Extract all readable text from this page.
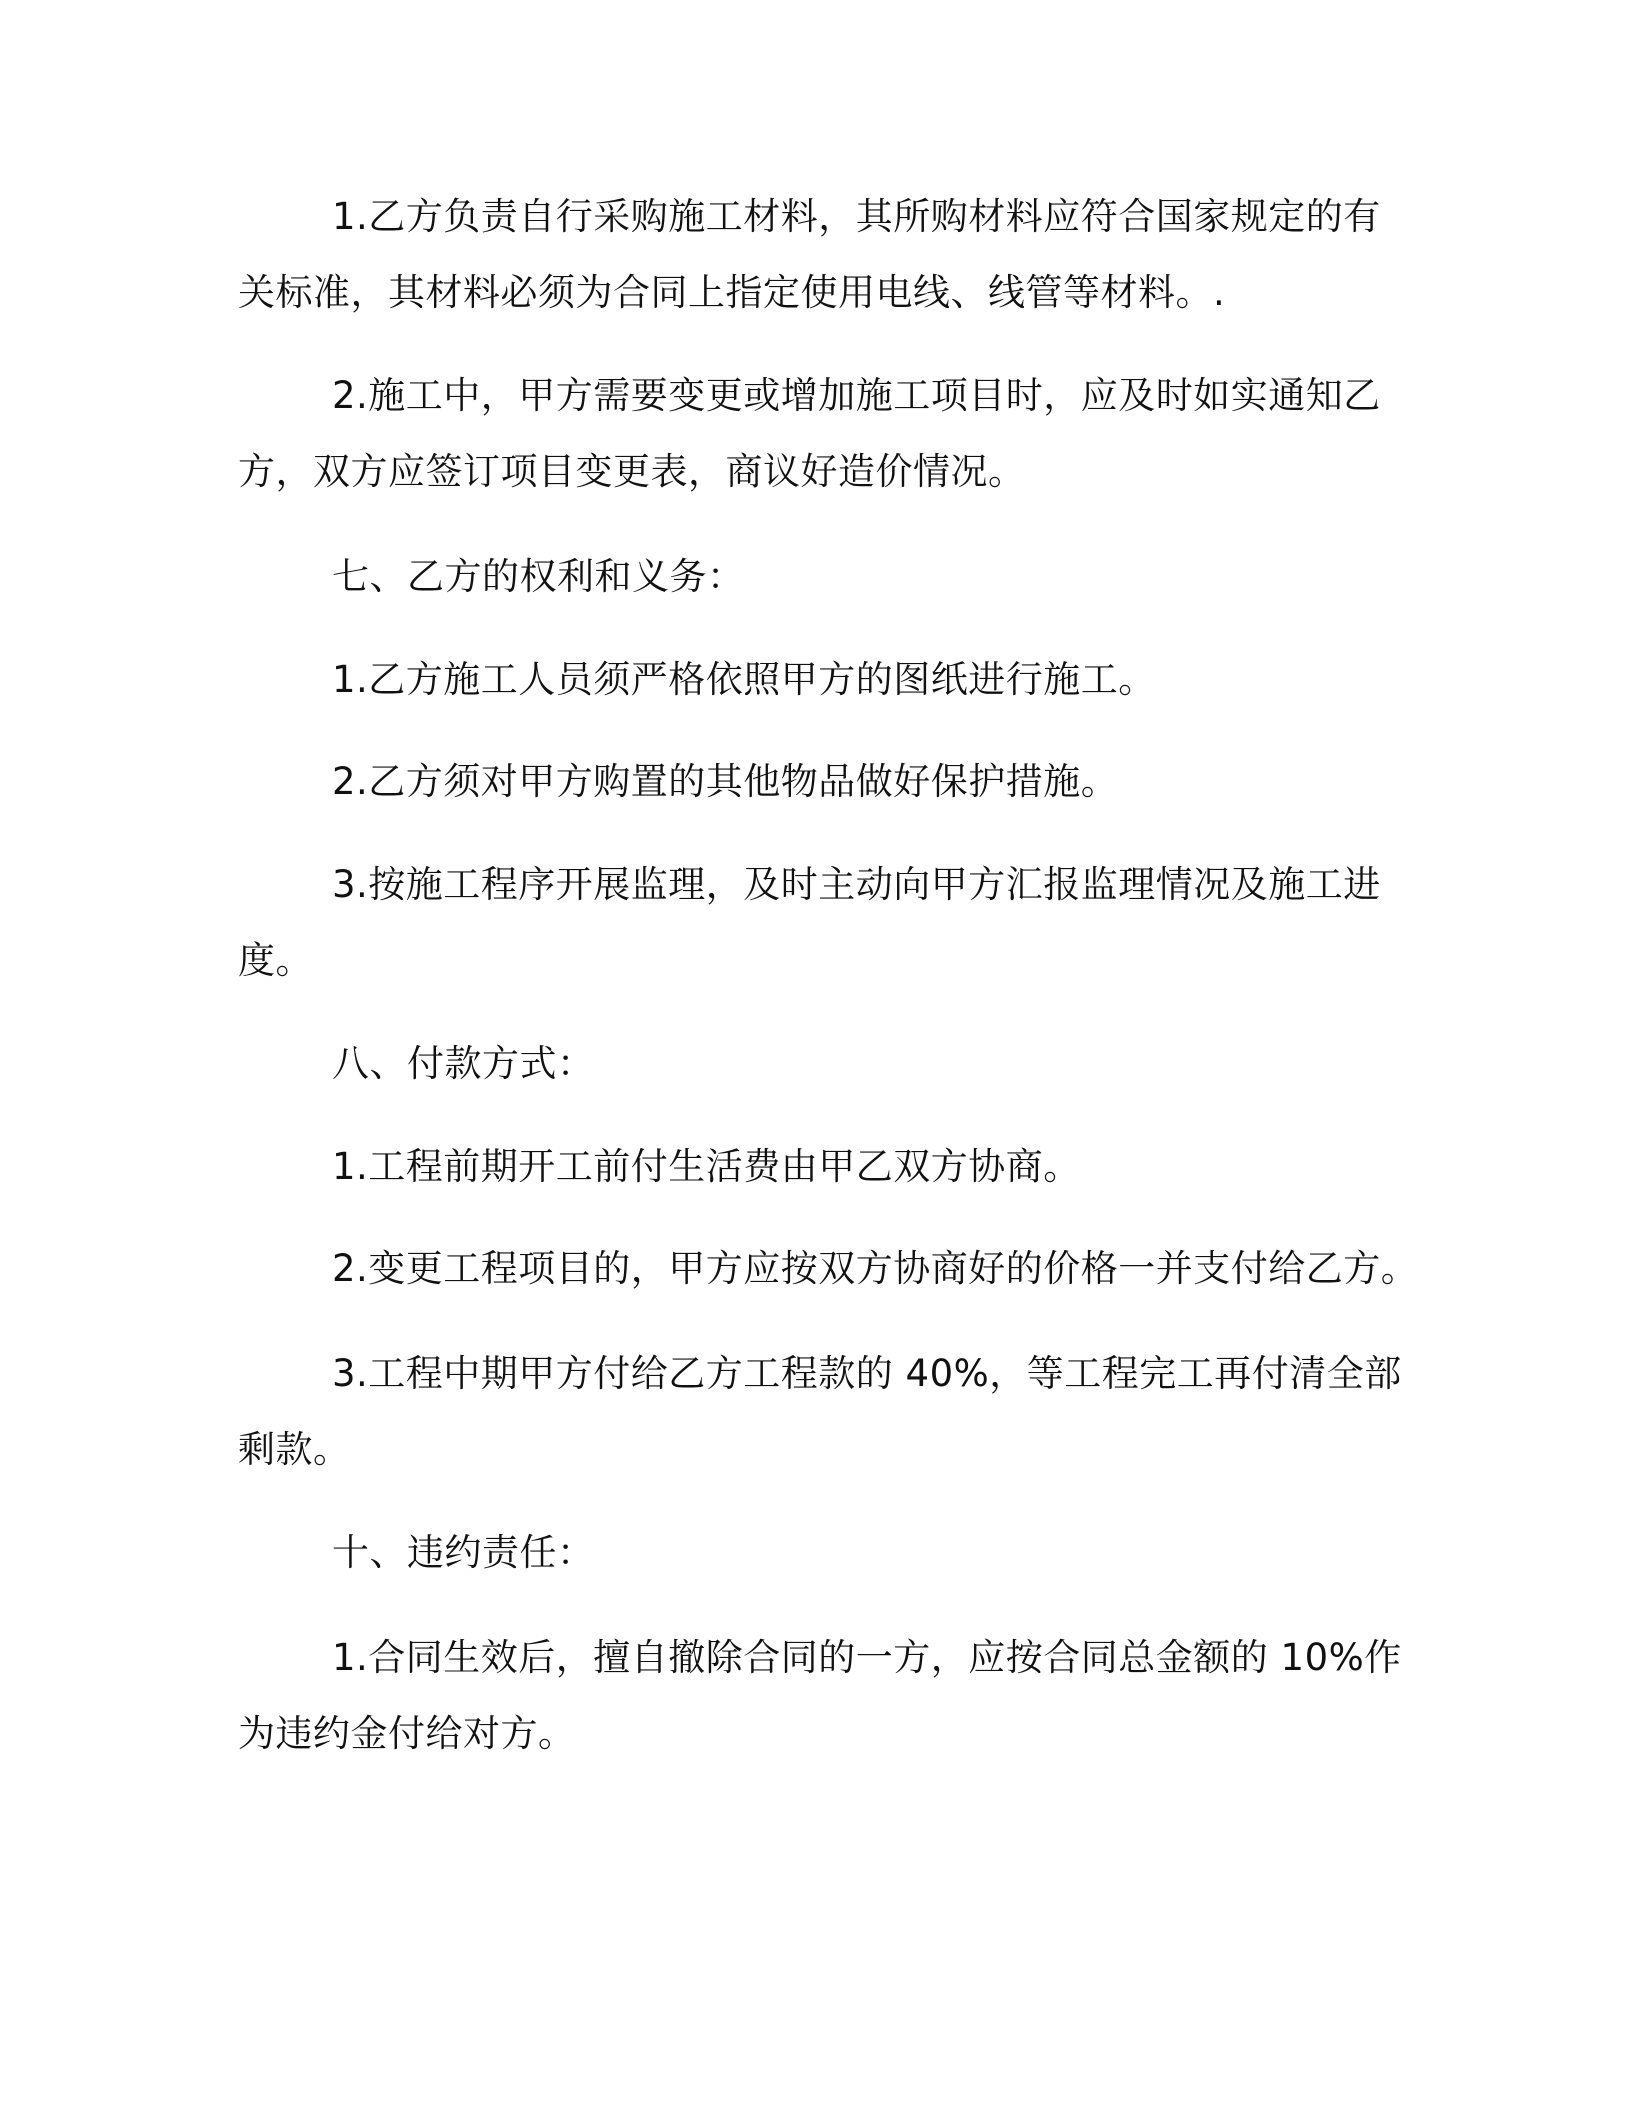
1.乙方负责自行采购施工材料，其所购材料应符合国家规定的有
关标准，其材料必须为合同上指定使用电线、线管等材料。.
2.施工中，甲方需要变更或增加施工项目时，应及时如实通知乙
方，双方应签订项目变更表，商议好造价情况。
七、乙方的权利和义务：
1.乙方施工人员须严格依照甲方的图纸进行施工。
2.乙方须对甲方购置的其他物品做好保护措施。
3.按施工程序开展监理，及时主动向甲方汇报监理情况及施工进
度。
八、付款方式：
1.工程前期开工前付生活费由甲乙双方协商。
2.变更工程项目的，甲方应按双方协商好的价格一并支付给乙方。
3.工程中期甲方付给乙方工程款的 40%，等工程完工再付清全部
剩款。
十、违约责任：
1.合同生效后，擅自撤除合同的一方，应按合同总金额的 10%作
为违约金付给对方。
